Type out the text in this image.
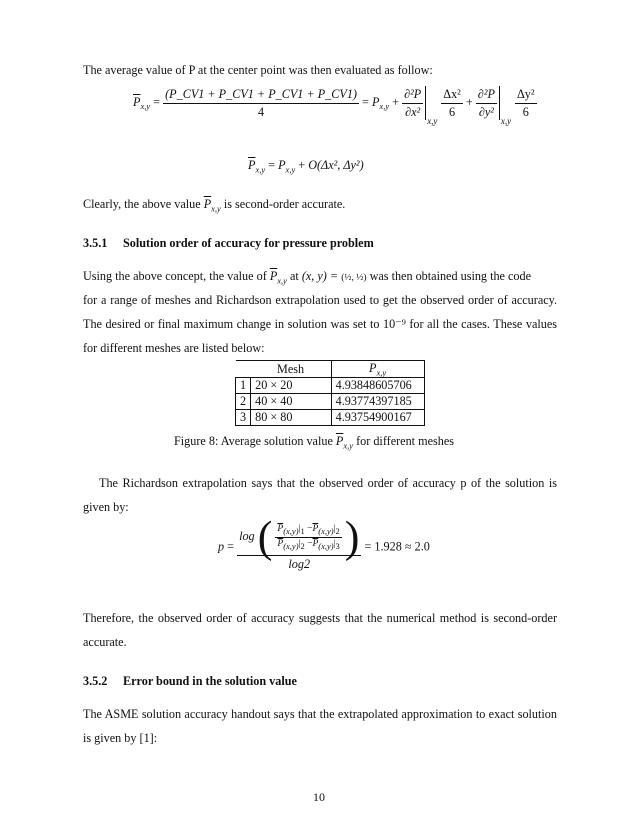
The average value of P at the center point was then evaluated as follow:
$\overline{P}_{x,y} = \frac{(P\_CV1 + P\_CV1 + P\_CV1 + P\_CV1)}{4} = P_{x,y} + \frac{\text{∂²P}}{\text{∂x²}}$
x,y

$\frac{\text{Δx²}}{6} + \frac{\text{∂²P}}{\text{∂y²}}$
x,y

$\frac{\text{Δy²}}{6}$
$\overline{P}_{x,y} = P_{x,y} + O(\Delta x^2$, Δy²)
Clearly, the above value $\overline{P}_{x,y}$ is second-order accurate.
3.5.1 Solution order of accuracy for pressure problem
Using the above concept, the value of $\overline{P}_{x,y}$ at (x, y) = (½, ½) was then obtained using the code
for a range of meshes and Richardson extrapolation used to get the observed order of accuracy.
The desired or final maximum change in solution was set to 10⁻⁹ for all the cases. These values
for different meshes are listed below:
	Mesh	$\overline{P}_{x,y}$
1	20 × 20	4.93848605706
2	40 × 40	4.93774397185
3	80 × 80	4.93754900167
Figure 8: Average solution value $\overline{P}_{x,y}$ for different meshes
The Richardson extrapolation says that the observed order of accuracy p of the solution is
given by:
p =
log ( $\frac{\overline{P}_{(x,y)}|_1 -\overline{P}_{(x,y)}|_2}{\overline{P}_{(x,y)}|_2 -\overline{P}_{(x,y)}|_3}$ )
log2
= 1.928 ≈ 2.0
Therefore, the observed order of accuracy suggests that the numerical method is second-order
accurate.
3.5.2 Error bound in the solution value
The ASME solution accuracy handout says that the extrapolated approximation to exact solution
is given by [1]:
10
